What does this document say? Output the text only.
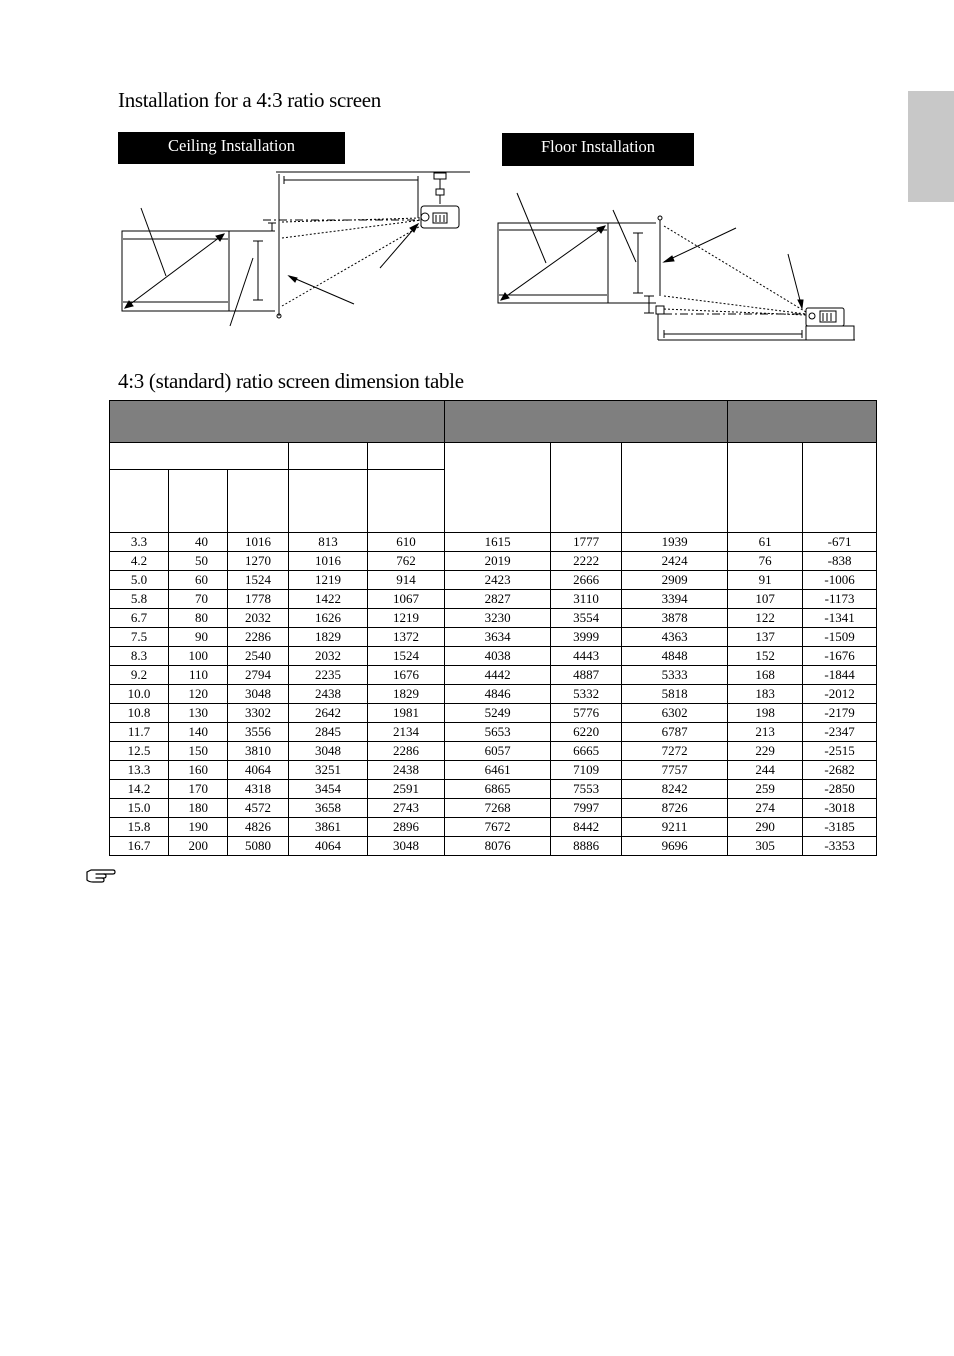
Installation for a 4:3 ratio screen
Ceiling Installation	Floor Installation
4:3 (standard) ratio screen dimension table

3.3	40	1016	813	610	1615	1777	1939	61	-671
4.2	50	1270	1016	762	2019	2222	2424	76	-838
5.0	60	1524	1219	914	2423	2666	2909	91	-1006
5.8	70	1778	1422	1067	2827	3110	3394	107	-1173
6.7	80	2032	1626	1219	3230	3554	3878	122	-1341
7.5	90	2286	1829	1372	3634	3999	4363	137	-1509
8.3	100	2540	2032	1524	4038	4443	4848	152	-1676
9.2	110	2794	2235	1676	4442	4887	5333	168	-1844
10.0	120	3048	2438	1829	4846	5332	5818	183	-2012
10.8	130	3302	2642	1981	5249	5776	6302	198	-2179
11.7	140	3556	2845	2134	5653	6220	6787	213	-2347
12.5	150	3810	3048	2286	6057	6665	7272	229	-2515
13.3	160	4064	3251	2438	6461	7109	7757	244	-2682
14.2	170	4318	3454	2591	6865	7553	8242	259	-2850
15.0	180	4572	3658	2743	7268	7997	8726	274	-3018
15.8	190	4826	3861	2896	7672	8442	9211	290	-3185
16.7	200	5080	4064	3048	8076	8886	9696	305	-3353
